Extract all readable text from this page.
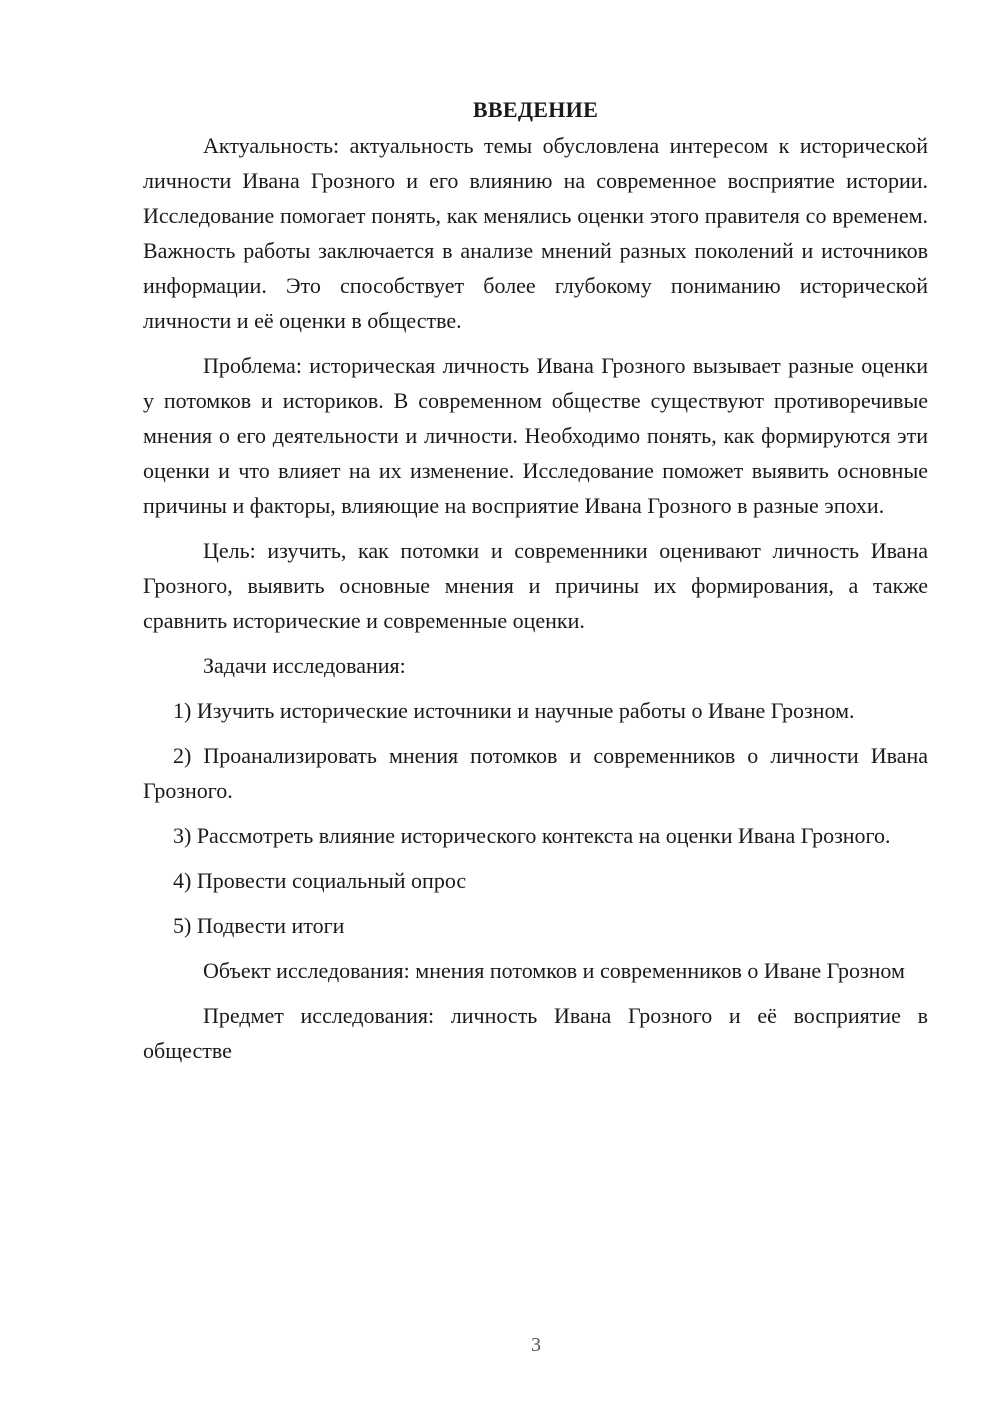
ВВЕДЕНИЕ

Актуальность: актуальность темы обусловлена интересом к исторической личности Ивана Грозного и его влиянию на современное восприятие истории. Исследование помогает понять, как менялись оценки этого правителя со временем. Важность работы заключается в анализе мнений разных поколений и источников информации. Это способствует более глубокому пониманию исторической личности и её оценки в обществе.

Проблема: историческая личность Ивана Грозного вызывает разные оценки у потомков и историков. В современном обществе существуют противоречивые мнения о его деятельности и личности. Необходимо понять, как формируются эти оценки и что влияет на их изменение. Исследование поможет выявить основные причины и факторы, влияющие на восприятие Ивана Грозного в разные эпохи.

Цель: изучить, как потомки и современники оценивают личность Ивана Грозного, выявить основные мнения и причины их формирования, а также сравнить исторические и современные оценки.

Задачи исследования:

1) Изучить исторические источники и научные работы о Иване Грозном.

2) Проанализировать мнения потомков и современников о личности Ивана Грозного.

3) Рассмотреть влияние исторического контекста на оценки Ивана Грозного.

4) Провести социальный опрос

5) Подвести итоги

Объект исследования: мнения потомков и современников о Иване Грозном

Предмет исследования: личность Ивана Грозного и её восприятие в обществе

3
